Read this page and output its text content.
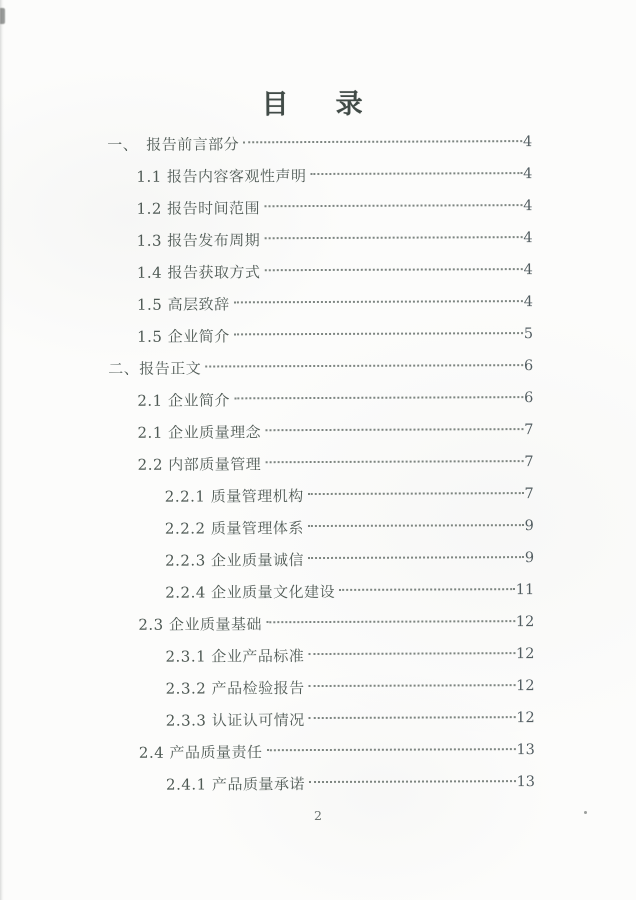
目　录
一、　报告前言部分	4
1.1 报告内容客观性声明	4
1.2 报告时间范围	4
1.3 报告发布周期	4
1.4 报告获取方式	4
1.5 高层致辞	4
1.5 企业简介	5
二、报告正文	6
2.1 企业简介	6
2.1 企业质量理念	7
2.2 内部质量管理	7
2.2.1 质量管理机构	7
2.2.2 质量管理体系	9
2.2.3 企业质量诚信	9
2.2.4 企业质量文化建设	11
2.3 企业质量基础	12
2.3.1 企业产品标准	12
2.3.2 产品检验报告	12
2.3.3 认证认可情况	12
2.4 产品质量责任	13
2.4.1 产品质量承诺	13
2
